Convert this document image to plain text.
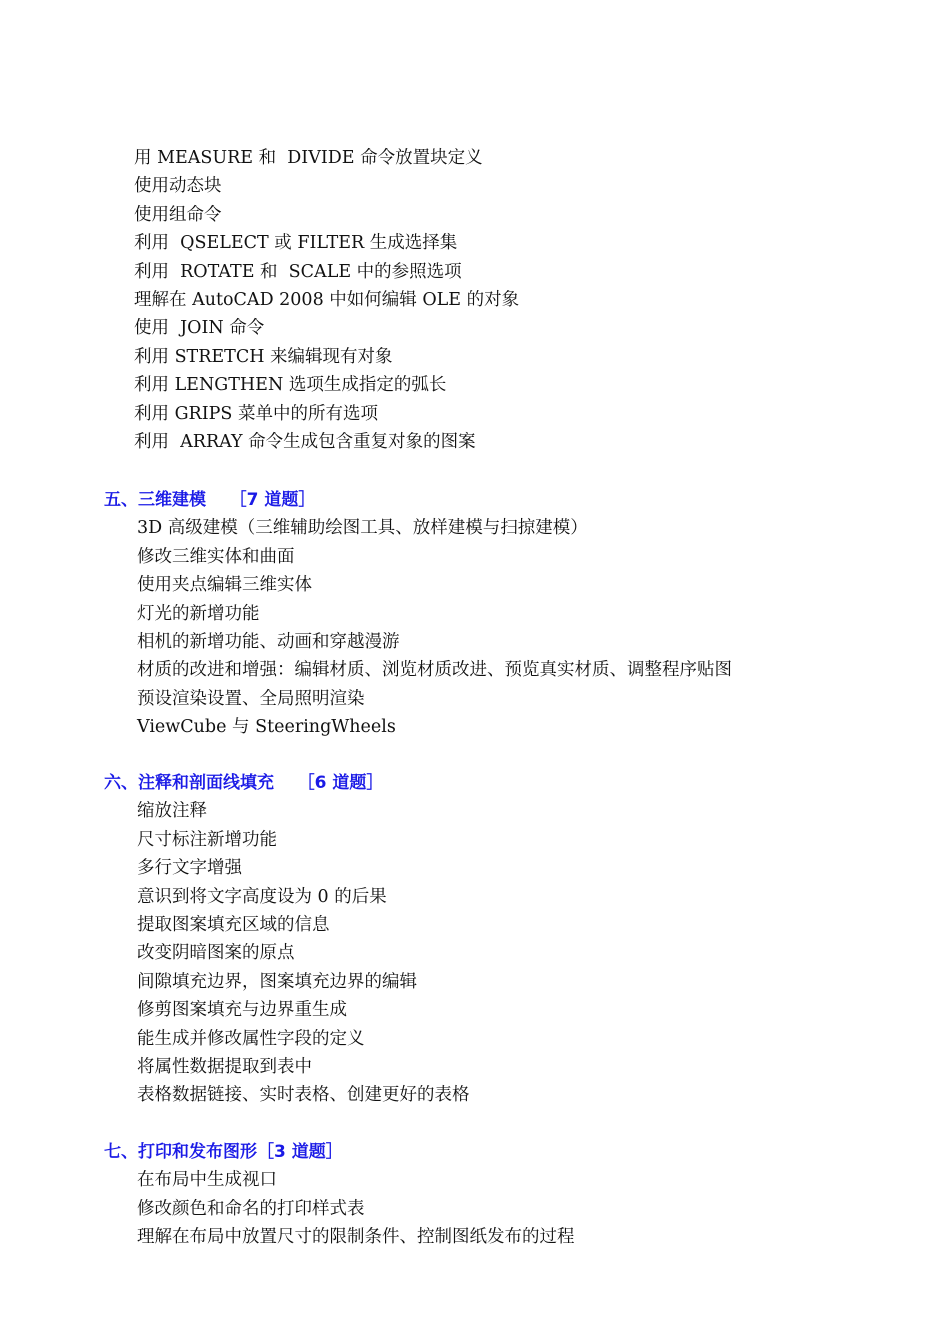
用 MEASURE 和  DIVIDE 命令放置块定义
使用动态块
使用组命令
利用  QSELECT 或 FILTER 生成选择集
利用  ROTATE 和  SCALE 中的参照选项
理解在 AutoCAD 2008 中如何编辑 OLE 的对象
使用  JOIN 命令
利用 STRETCH 来编辑现有对象
利用 LENGTHEN 选项生成指定的弧长
利用 GRIPS 菜单中的所有选项
利用  ARRAY 命令生成包含重复对象的图案
五、三维建模    ［7 道题］
3D 高级建模（三维辅助绘图工具、放样建模与扫掠建模）
修改三维实体和曲面
使用夹点编辑三维实体
灯光的新增功能
相机的新增功能、动画和穿越漫游
材质的改进和增强：编辑材质、浏览材质改进、预览真实材质、调整程序贴图
预设渲染设置、全局照明渲染
ViewCube 与 SteeringWheels
六、注释和剖面线填充    ［6 道题］
缩放注释
尺寸标注新增功能
多行文字增强
意识到将文字高度设为 0 的后果
提取图案填充区域的信息
改变阴暗图案的原点
间隙填充边界，图案填充边界的编辑
修剪图案填充与边界重生成
能生成并修改属性字段的定义
将属性数据提取到表中
表格数据链接、实时表格、创建更好的表格
七、打印和发布图形［3 道题］
在布局中生成视口
修改颜色和命名的打印样式表
理解在布局中放置尺寸的限制条件、控制图纸发布的过程
